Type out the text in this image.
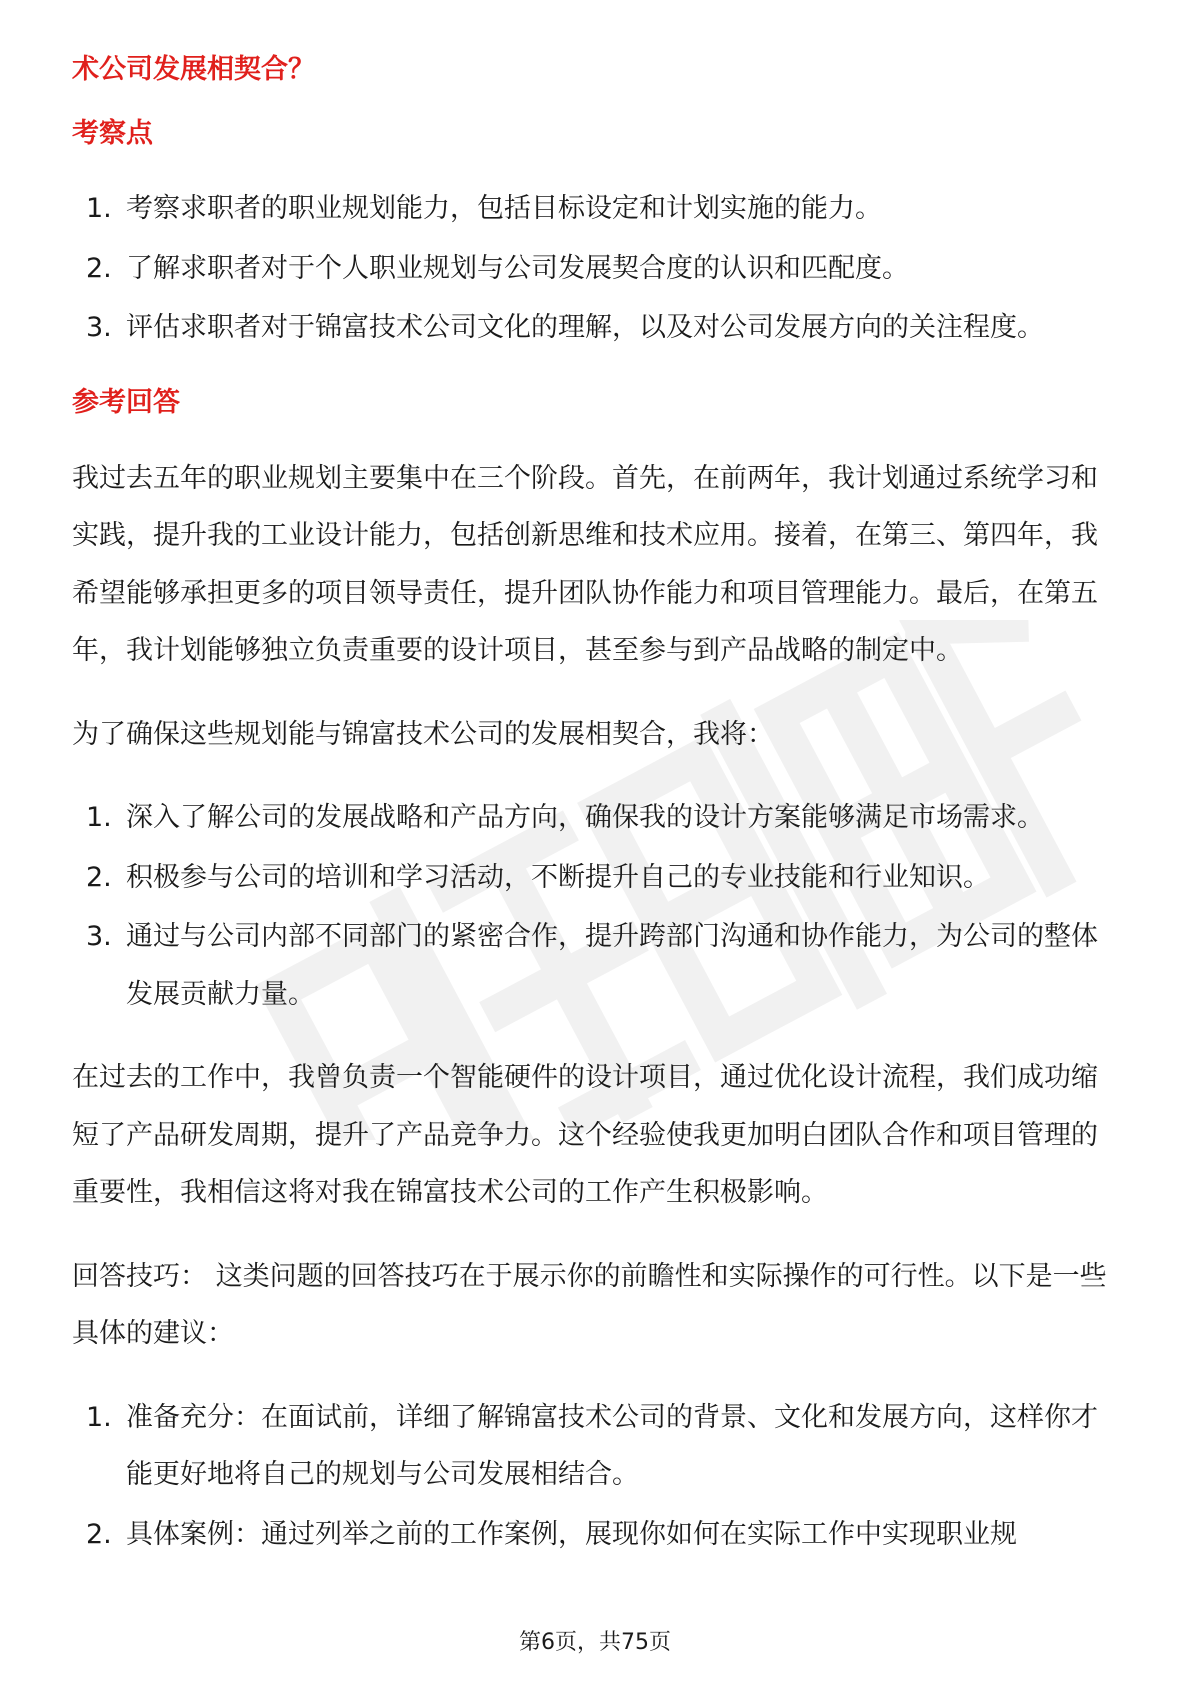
术公司发展相契合？

考察点

1. 考察求职者的职业规划能力，包括目标设定和计划实施的能力。
2. 了解求职者对于个人职业规划与公司发展契合度的认识和匹配度。
3. 评估求职者对于锦富技术公司文化的理解，以及对公司发展方向的关注程度。

参考回答

我过去五年的职业规划主要集中在三个阶段。首先，在前两年，我计划通过系统学习和实践，提升我的工业设计能力，包括创新思维和技术应用。接着，在第三、第四年，我希望能够承担更多的项目领导责任，提升团队协作能力和项目管理能力。最后，在第五年，我计划能够独立负责重要的设计项目，甚至参与到产品战略的制定中。

为了确保这些规划能与锦富技术公司的发展相契合，我将：

1. 深入了解公司的发展战略和产品方向，确保我的设计方案能够满足市场需求。
2. 积极参与公司的培训和学习活动，不断提升自己的专业技能和行业知识。
3. 通过与公司内部不同部门的紧密合作，提升跨部门沟通和协作能力，为公司的整体发展贡献力量。

在过去的工作中，我曾负责一个智能硬件的设计项目，通过优化设计流程，我们成功缩短了产品研发周期，提升了产品竞争力。这个经验使我更加明白团队合作和项目管理的重要性，我相信这将对我在锦富技术公司的工作产生积极影响。

回答技巧： 这类问题的回答技巧在于展示你的前瞻性和实际操作的可行性。以下是一些具体的建议：

1. 准备充分：在面试前，详细了解锦富技术公司的背景、文化和发展方向，这样你才能更好地将自己的规划与公司发展相结合。
2. 具体案例：通过列举之前的工作案例，展现你如何在实际工作中实现职业规
第6页，共75页
